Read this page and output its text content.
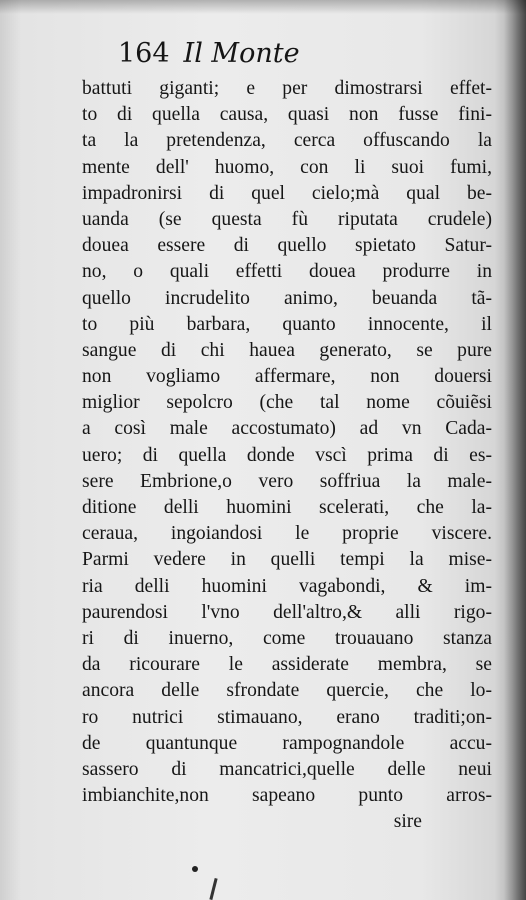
164 Il Monte
battuti giganti; e per dimostrarsi effet-
to di quella causa, quasi non fusse fini-
ta la pretendenza, cerca offuscando la
mente dell' huomo, con li suoi fumi,
impadronirsi di quel cielo;mà qual be-
uanda (se questa fù riputata crudele)
douea essere di quello spietato Satur-
no, o quali effetti douea produrre in
quello incrudelito animo, beuanda tã-
to più barbara, quanto innocente, il
sangue di chi hauea generato, se pure
non vogliamo affermare, non douersi
miglior sepolcro (che tal nome cõuiẽsi
a così male accostumato) ad vn Cada-
uero; di quella donde vscì prima di es-
sere Embrione,o vero soffriua la male-
ditione delli huomini scelerati, che la-
ceraua, ingoiandosi le proprie viscere.
Parmi vedere in quelli tempi la mise-
ria delli huomini vagabondi, & im-
paurendosi l'vno dell'altro,& alli rigo-
ri di inuerno, come trouauano stanza
da ricourare le assiderate membra, se
ancora delle sfrondate quercie, che lo-
ro nutrici stimauano, erano traditi;on-
de quantunque rampognandole accu-
sassero di mancatrici,quelle delle neui
imbianchite,non sapeano punto arros-
sire
